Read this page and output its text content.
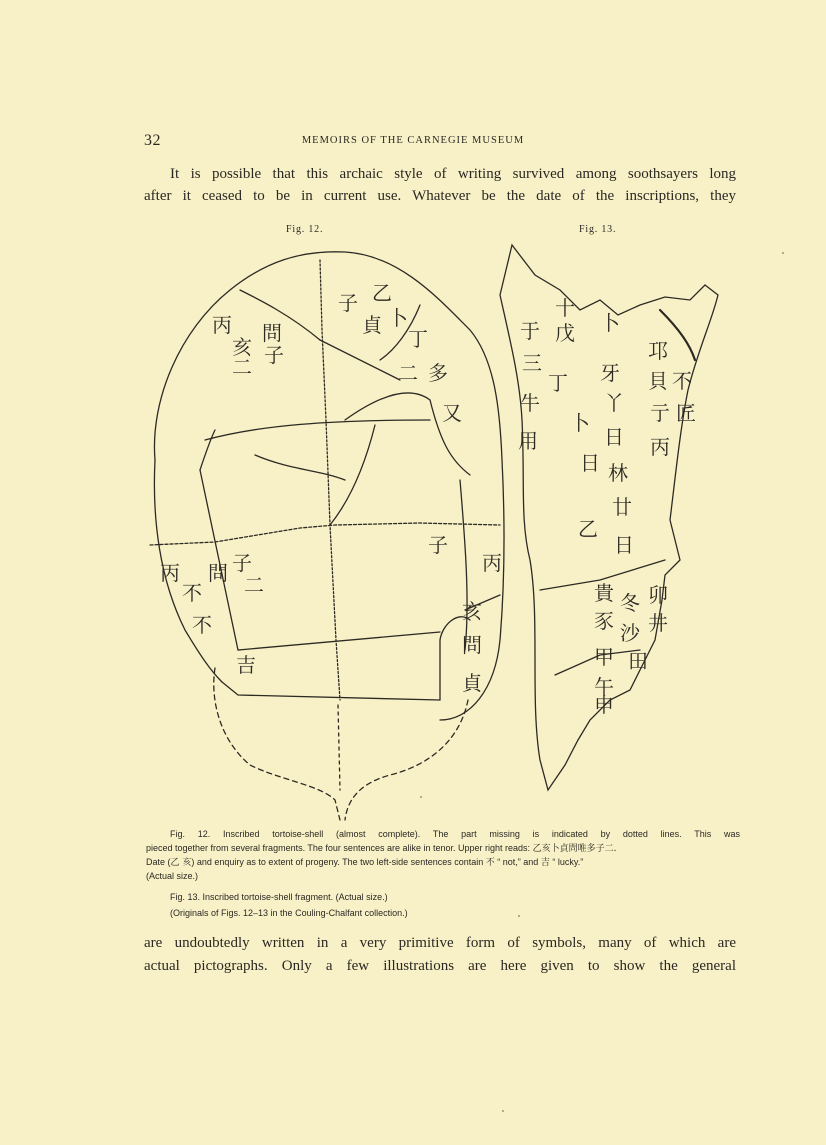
32	MEMOIRS OF THE CARNEGIE MUSEUM

It is possible that this archaic style of writing survived among soothsayers long

after it ceased to be in current use. Whatever be the date of the inscriptions, they

Fig. 12.	Fig. 13.
丙
亥
二
問
子
子
貞
乙
卜
丁
二 多
又
子
丙
子
二
問
丙
不
不
吉
亥
問
貞
十
戊
于
三
牛
用
丁
卜
卜
牙
丫
日
林
廿
日
日
乙
邛
貝
亍
丙
不
匠
貴
豕
冬
沙
卯
井
田
甲
午
申

Fig. 12. Inscribed tortoise-shell (almost complete). The part missing is indicated by dotted lines. This was

pieced together from several fragments. The four sentences are alike in tenor. Upper right reads: 乙亥卜貞問唯多子二.

Date (乙 亥) and enquiry as to extent of progeny. The two left-side sentences contain 不 “ not,” and 吉 “ lucky.”

(Actual size.)

Fig. 13. Inscribed tortoise-shell fragment. (Actual size.)

(Originals of Figs. 12–13 in the Couling-Chalfant collection.)

are undoubtedly written in a very primitive form of symbols, many of which are

actual pictographs. Only a few illustrations are here given to show the general
